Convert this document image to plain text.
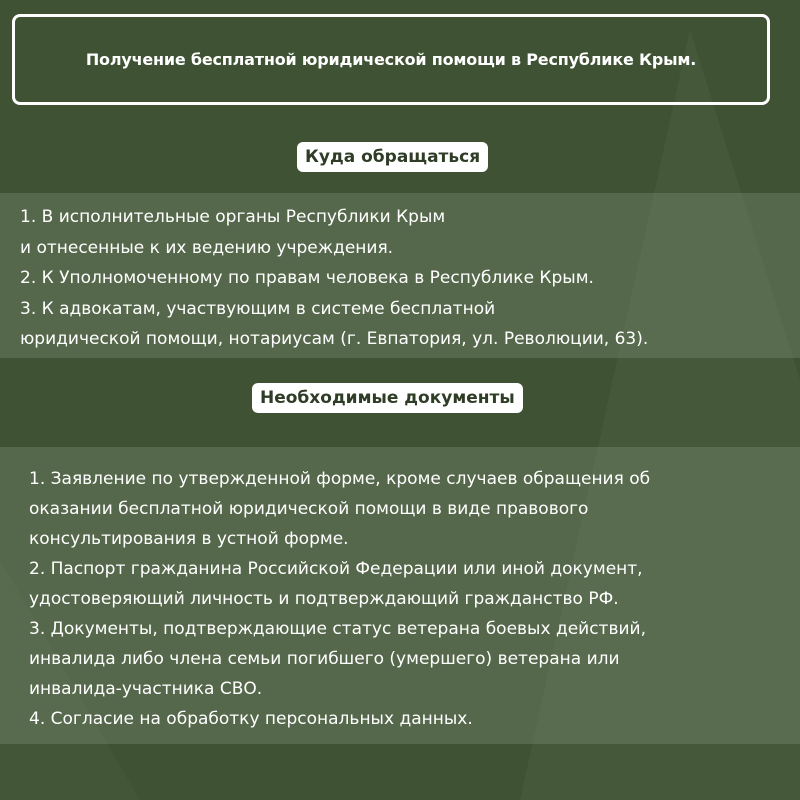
Получение бесплатной юридической помощи в Республике Крым.
Куда обращаться
1. В исполнительные органы Республики Крым
и отнесенные к их ведению учреждения.
2. К Уполномоченному по правам человека в Республике Крым.
3. К адвокатам, участвующим в системе бесплатной
юридической помощи, нотариусам (г. Евпатория, ул. Революции, 63).
Необходимые документы
1. Заявление по утвержденной форме, кроме случаев обращения об
оказании бесплатной юридической помощи в виде правового
консультирования в устной форме.
2. Паспорт гражданина Российской Федерации или иной документ,
удостоверяющий личность и подтверждающий гражданство РФ.
3. Документы, подтверждающие статус ветерана боевых действий,
инвалида либо члена семьи погибшего (умершего) ветерана или
инвалида-участника СВО.
4. Согласие на обработку персональных данных.
